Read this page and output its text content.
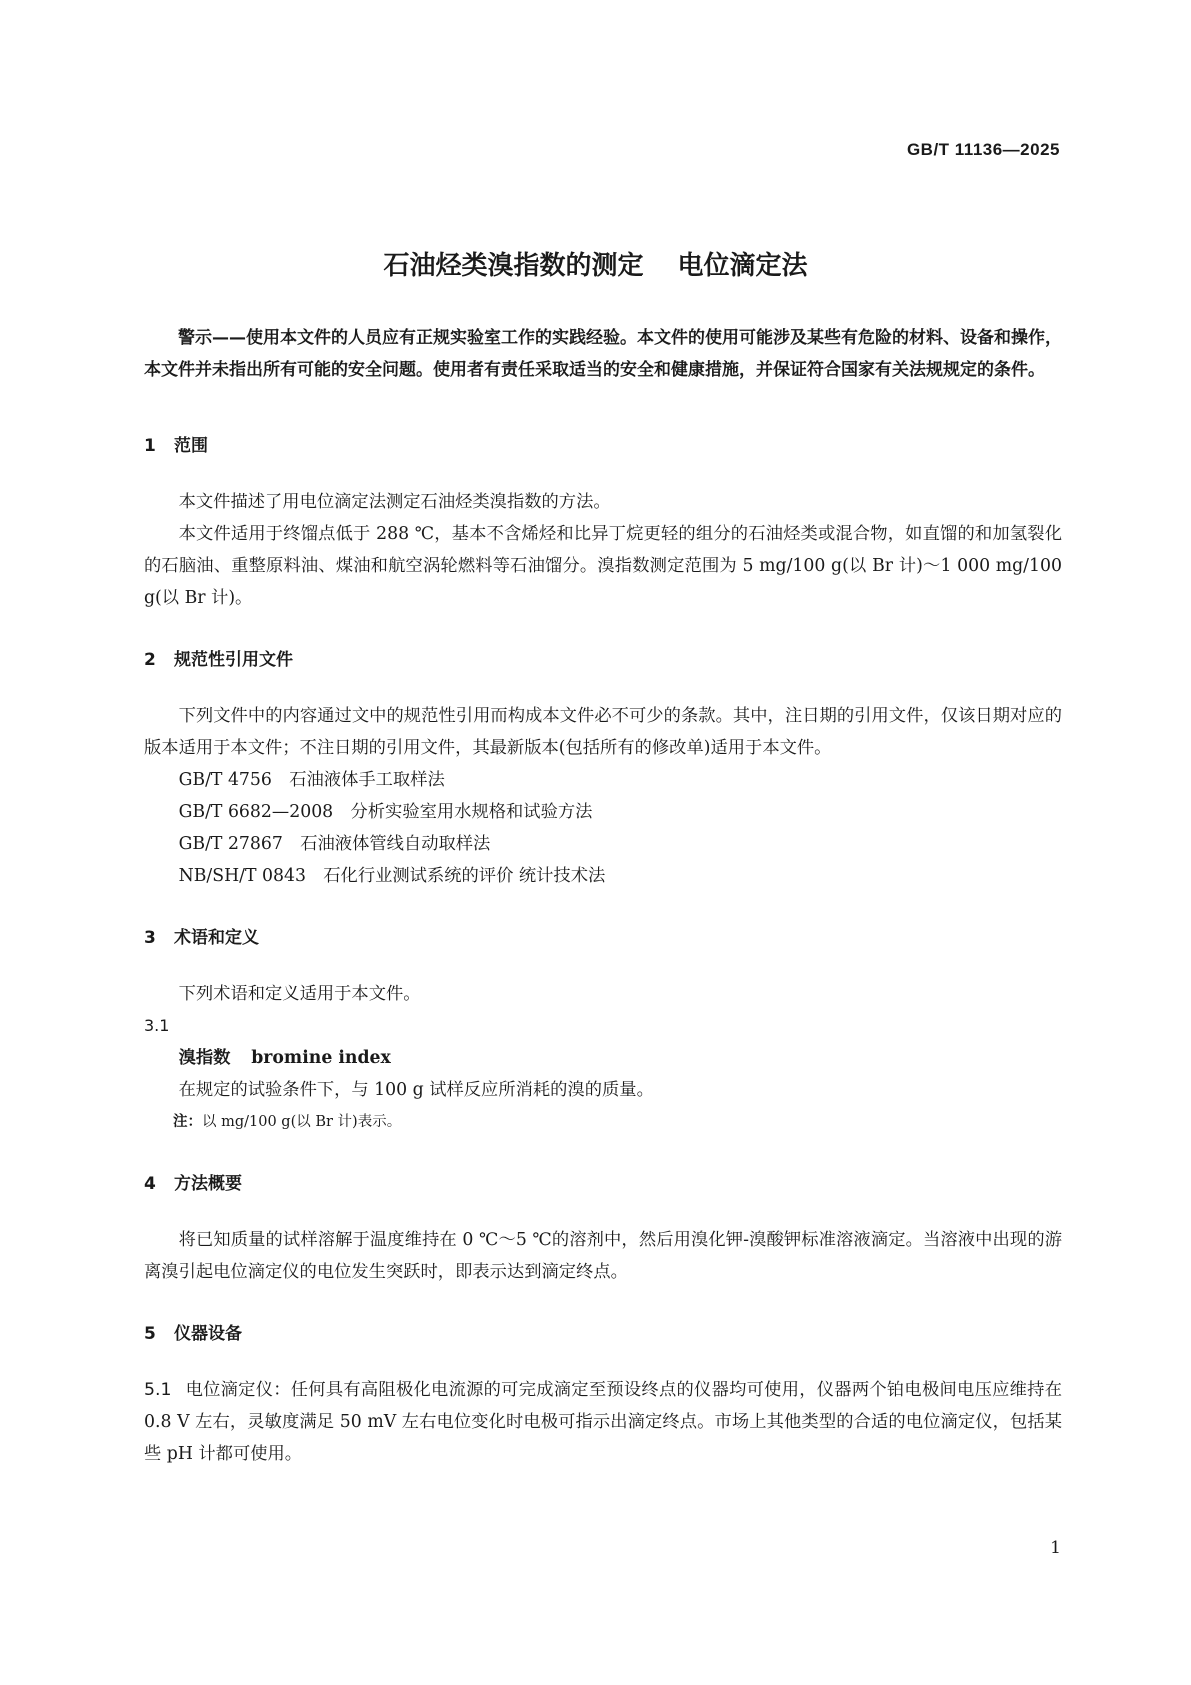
GB/T 11136—2025
石油烃类溴指数的测定 电位滴定法

警示——使用本文件的人员应有正规实验室工作的实践经验。本文件的使用可能涉及某些有危险的材料、设备和操作，本文件并未指出所有可能的安全问题。使用者有责任采取适当的安全和健康措施，并保证符合国家有关法规规定的条件。

1 范围

本文件描述了用电位滴定法测定石油烃类溴指数的方法。

本文件适用于终馏点低于 288 ℃，基本不含烯烃和比异丁烷更轻的组分的石油烃类或混合物，如直馏的和加氢裂化的石脑油、重整原料油、煤油和航空涡轮燃料等石油馏分。溴指数测定范围为 5 mg/100 g(以 Br 计)～1 000 mg/100 g(以 Br 计)。

2 规范性引用文件

下列文件中的内容通过文中的规范性引用而构成本文件必不可少的条款。其中，注日期的引用文件，仅该日期对应的版本适用于本文件；不注日期的引用文件，其最新版本(包括所有的修改单)适用于本文件。

GB/T 4756 石油液体手工取样法
GB/T 6682—2008 分析实验室用水规格和试验方法
GB/T 27867 石油液体管线自动取样法
NB/SH/T 0843 石化行业测试系统的评价 统计技术法
3 术语和定义

下列术语和定义适用于本文件。

3.1
溴指数 bromine index
在规定的试验条件下，与 100 g 试样反应所消耗的溴的质量。
注：以 mg/100 g(以 Br 计)表示。
4 方法概要

将已知质量的试样溶解于温度维持在 0 ℃～5 ℃的溶剂中，然后用溴化钾-溴酸钾标准溶液滴定。当溶液中出现的游离溴引起电位滴定仪的电位发生突跃时，即表示达到滴定终点。

5 仪器设备

5.1 电位滴定仪：任何具有高阻极化电流源的可完成滴定至预设终点的仪器均可使用，仪器两个铂电极间电压应维持在 0.8 V 左右，灵敏度满足 50 mV 左右电位变化时电极可指示出滴定终点。市场上其他类型的合适的电位滴定仪，包括某些 pH 计都可使用。

1
